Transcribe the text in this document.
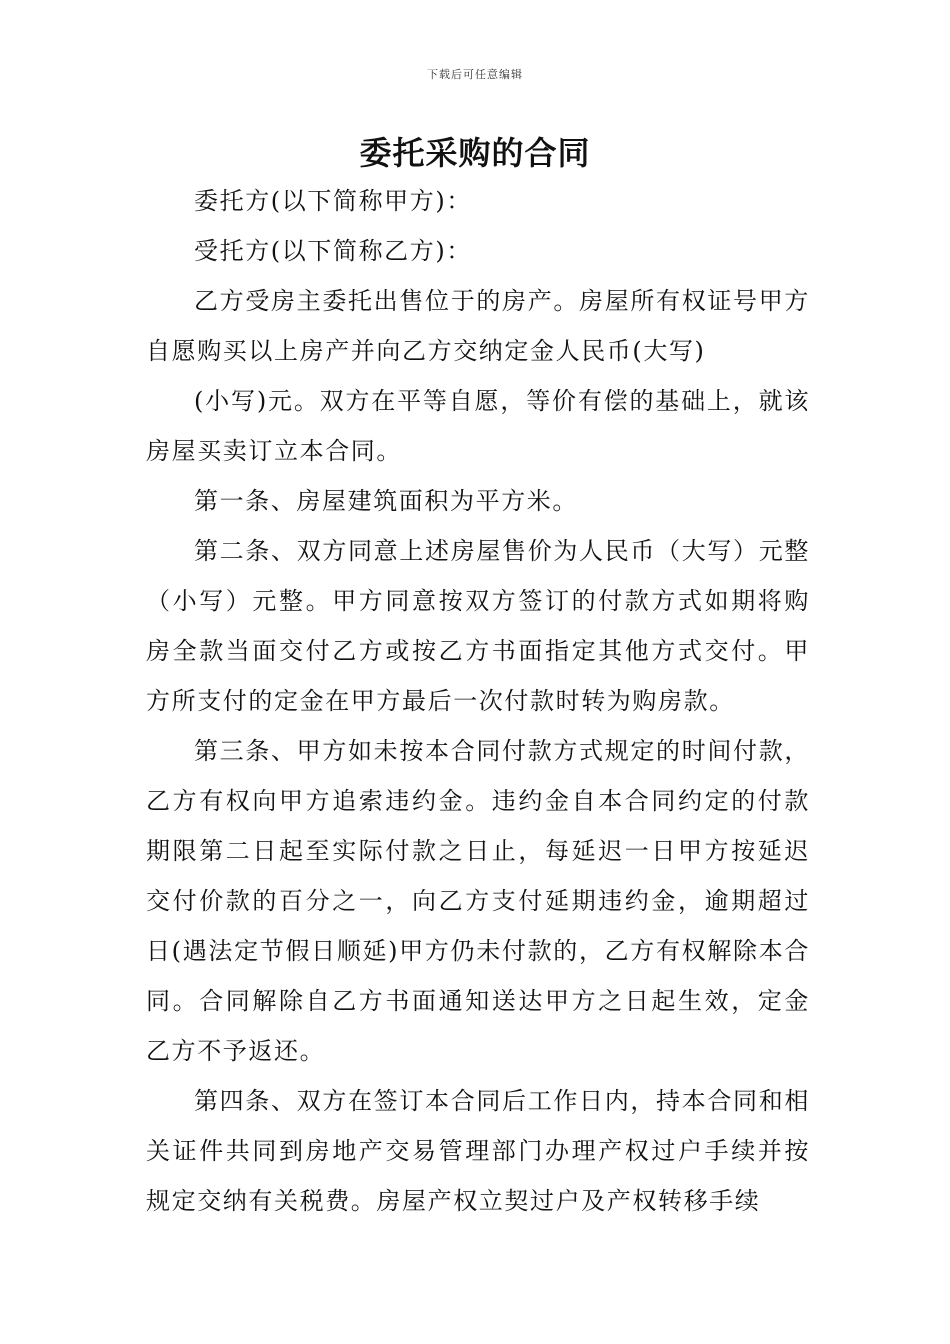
下载后可任意编辑
委托采购的合同

委托方(以下简称甲方)：

受托方(以下简称乙方)：

乙方受房主委托出售位于的房产。房屋所有权证号甲方自愿购买以上房产并向乙方交纳定金人民币(大写)

(小写)元。双方在平等自愿，等价有偿的基础上，就该房屋买卖订立本合同。

第一条、房屋建筑面积为平方米。

第二条、双方同意上述房屋售价为人民币（大写）元整（小写）元整。甲方同意按双方签订的付款方式如期将购房全款当面交付乙方或按乙方书面指定其他方式交付。甲方所支付的定金在甲方最后一次付款时转为购房款。

第三条、甲方如未按本合同付款方式规定的时间付款，乙方有权向甲方追索违约金。违约金自本合同约定的付款期限第二日起至实际付款之日止，每延迟一日甲方按延迟交付价款的百分之一，向乙方支付延期违约金，逾期超过日(遇法定节假日顺延)甲方仍未付款的，乙方有权解除本合同。合同解除自乙方书面通知送达甲方之日起生效，定金乙方不予返还。

第四条、双方在签订本合同后工作日内，持本合同和相关证件共同到房地产交易管理部门办理产权过户手续并按规定交纳有关税费。房屋产权立契过户及产权转移手续
